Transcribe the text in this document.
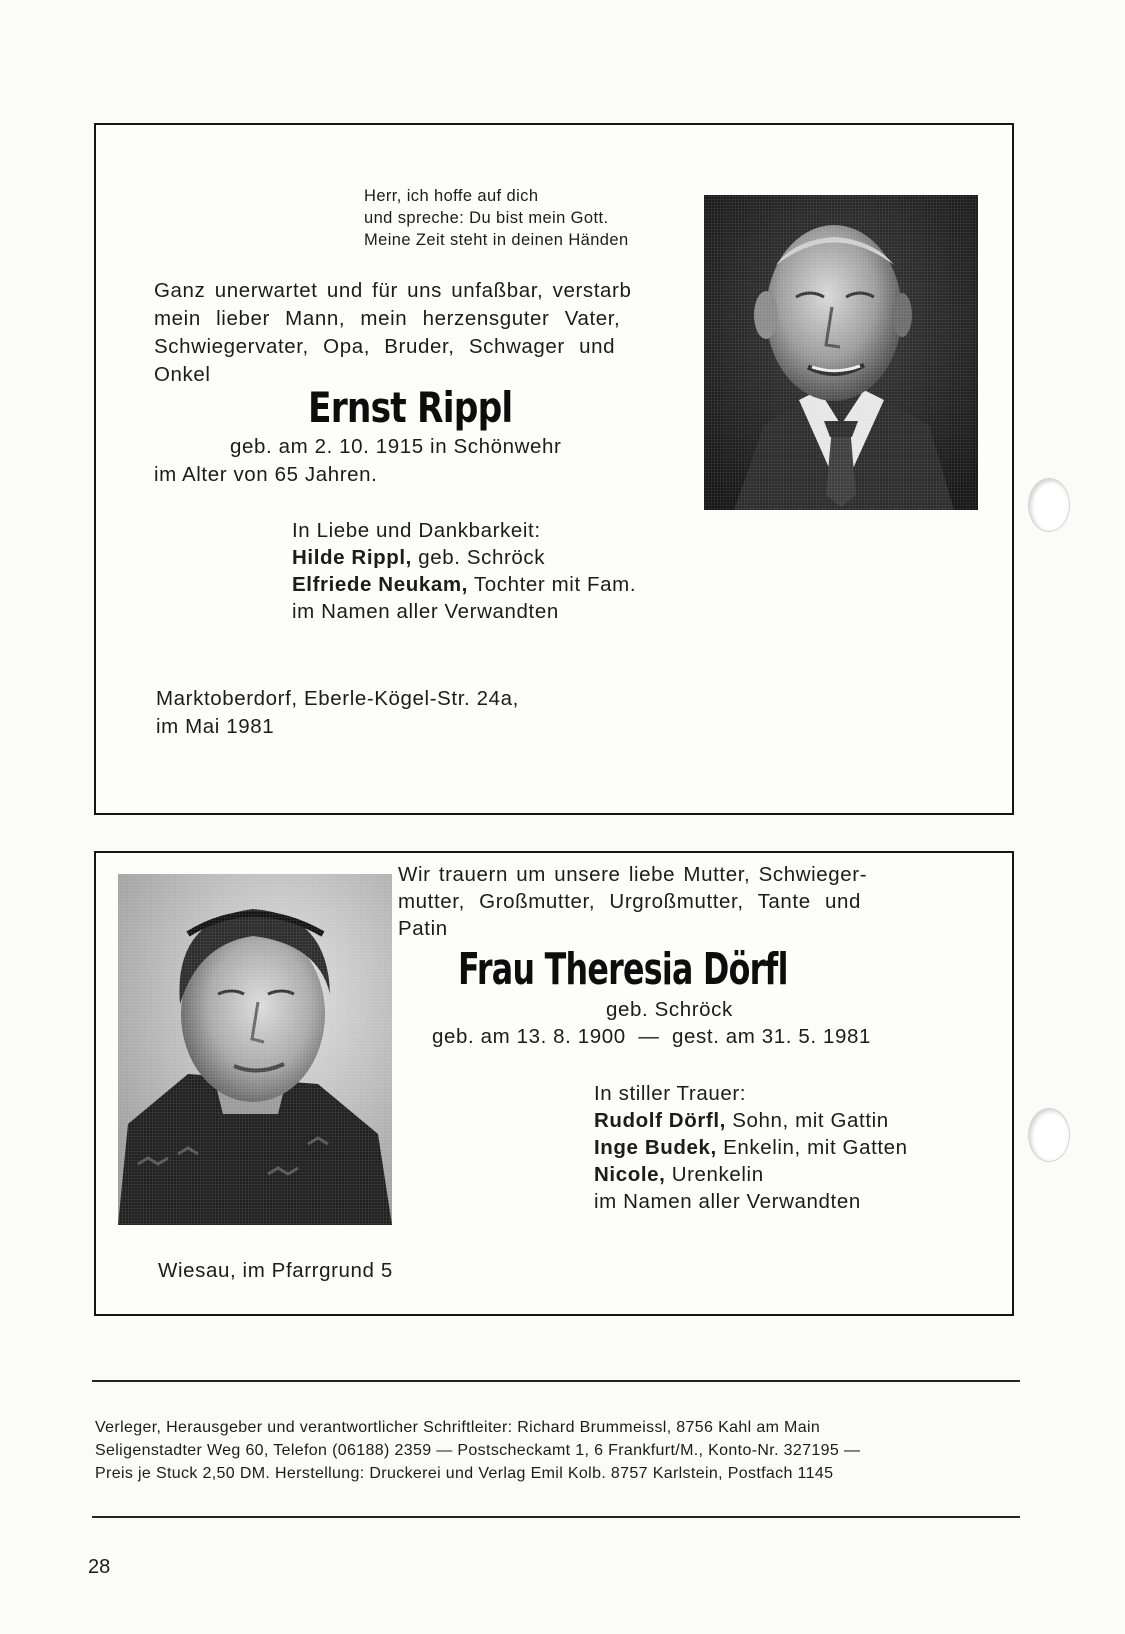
Herr, ich hoffe auf dich
und spreche: Du bist mein Gott.
Meine Zeit steht in deinen Händen
Ganz unerwartet und für uns unfaßbar, verstarb
mein lieber Mann, mein herzensguter Vater,
Schwiegervater, Opa, Bruder, Schwager und
Onkel
Ernst Rippl
geb. am 2. 10. 1915 in Schönwehr
im Alter von 65 Jahren.
In Liebe und Dankbarkeit:
Hilde Rippl, geb. Schröck
Elfriede Neukam, Tochter mit Fam.
im Namen aller Verwandten
Marktoberdorf, Eberle-Kögel-Str. 24a,
im Mai 1981
Wir trauern um unsere liebe Mutter, Schwieger-
mutter, Großmutter, Urgroßmutter, Tante und
Patin
Frau Theresia Dörfl
geb. Schröck
geb. am 13. 8. 1900  —  gest. am 31. 5. 1981
In stiller Trauer:
Rudolf Dörfl, Sohn, mit Gattin
Inge Budek, Enkelin, mit Gatten
Nicole, Urenkelin
im Namen aller Verwandten
Wiesau, im Pfarrgrund 5
Verleger, Herausgeber und verantwortlicher Schriftleiter: Richard Brummeissl, 8756 Kahl am Main
Seligenstadter Weg 60, Telefon (06188) 2359 — Postscheckamt 1, 6 Frankfurt/M., Konto-Nr. 327195 —
Preis je Stuck 2,50 DM. Herstellung: Druckerei und Verlag Emil Kolb. 8757 Karlstein, Postfach 1145
28
